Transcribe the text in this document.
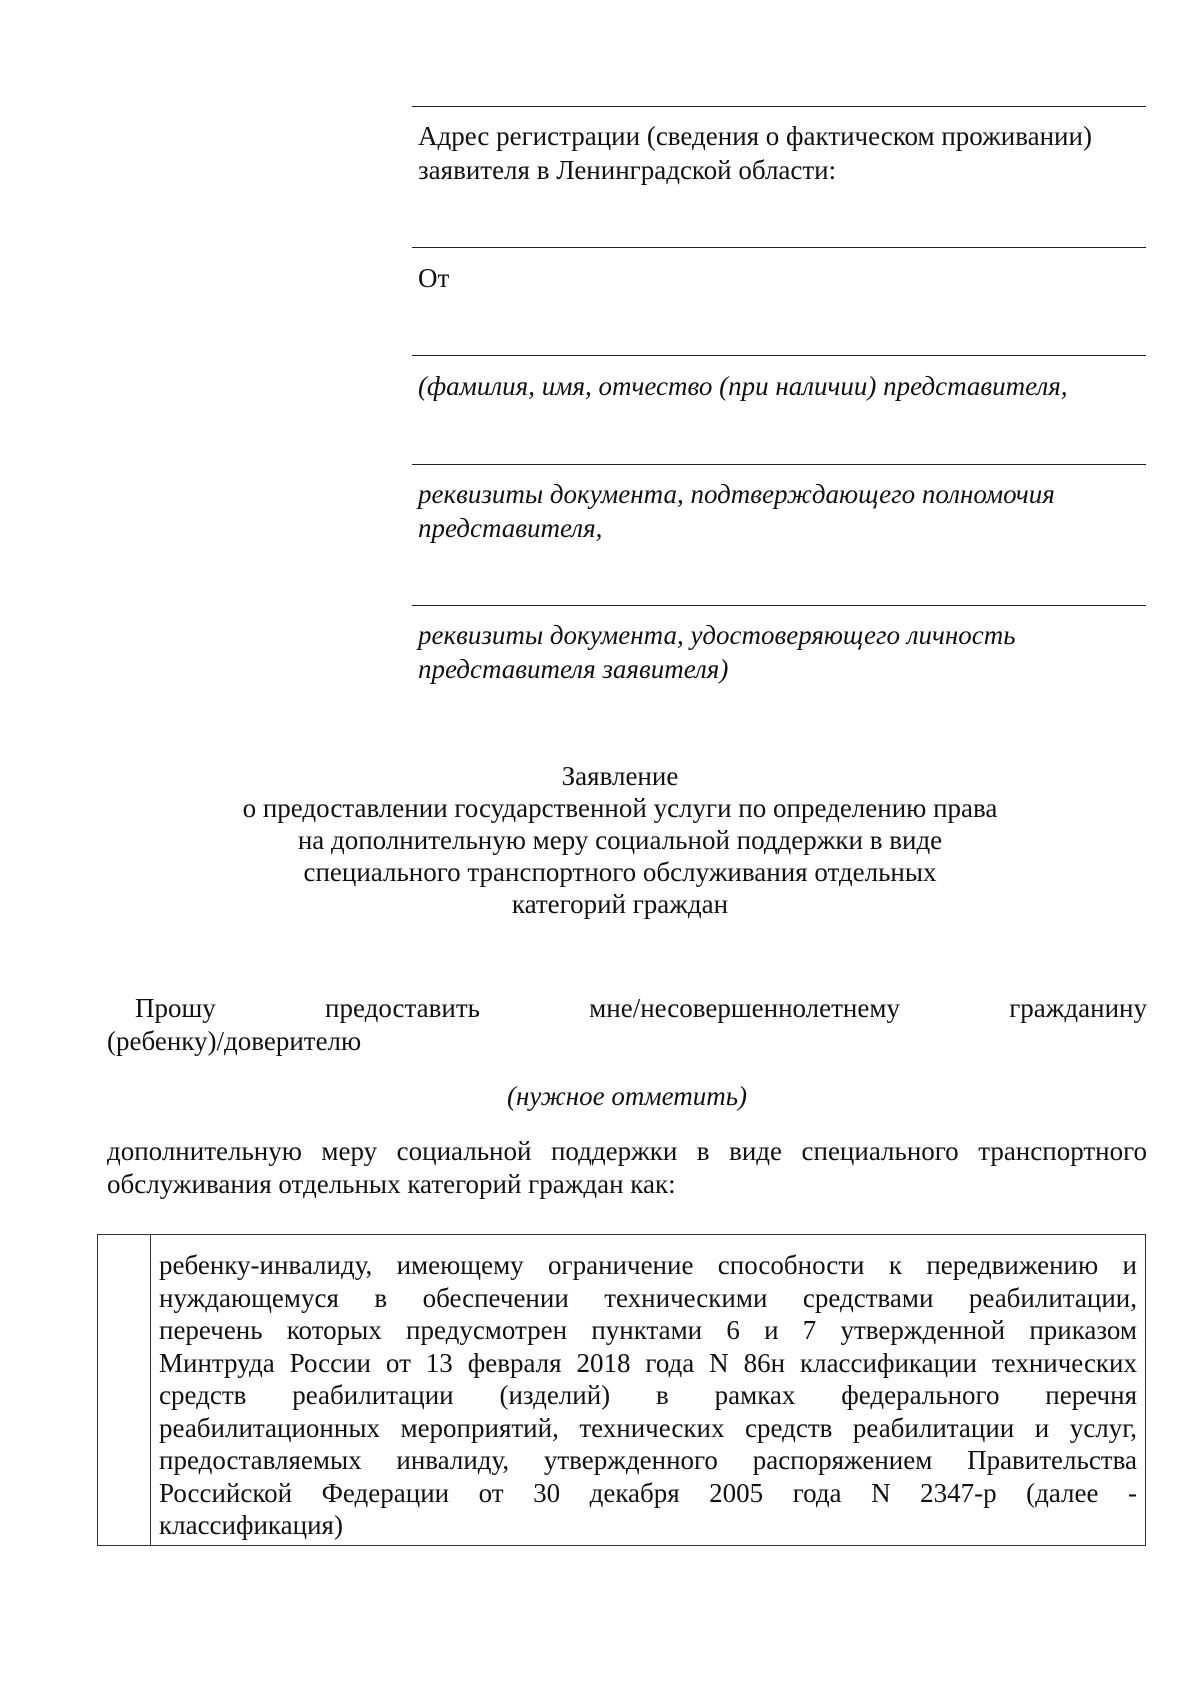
Адрес регистрации (сведения о фактическом проживании)
заявителя в Ленинградской области:
От
(фамилия, имя, отчество (при наличии) представителя,
реквизиты документа, подтверждающего полномочия
представителя,
реквизиты документа, удостоверяющего личность
представителя заявителя)
Заявление
о предоставлении государственной услуги по определению права
на дополнительную меру социальной поддержки в виде
специального транспортного обслуживания отдельных
категорий граждан
Прошу	предоставить	мне/несовершеннолетнему	гражданину
(ребенку)/доверителю
(нужное отметить)
дополнительную меру социальной поддержки в виде специального транспортного
обслуживания отдельных категорий граждан как:
ребенку-инвалиду, имеющему ограничение способности к передвижению и
нуждающемуся в обеспечении техническими средствами реабилитации,
перечень которых предусмотрен пунктами 6 и 7 утвержденной приказом
Минтруда России от 13 февраля 2018 года N 86н классификации технических
средств реабилитации (изделий) в рамках федерального перечня
реабилитационных мероприятий, технических средств реабилитации и услуг,
предоставляемых инвалиду, утвержденного распоряжением Правительства
Российской Федерации от 30 декабря 2005 года N 2347-р (далее -
классификация)
